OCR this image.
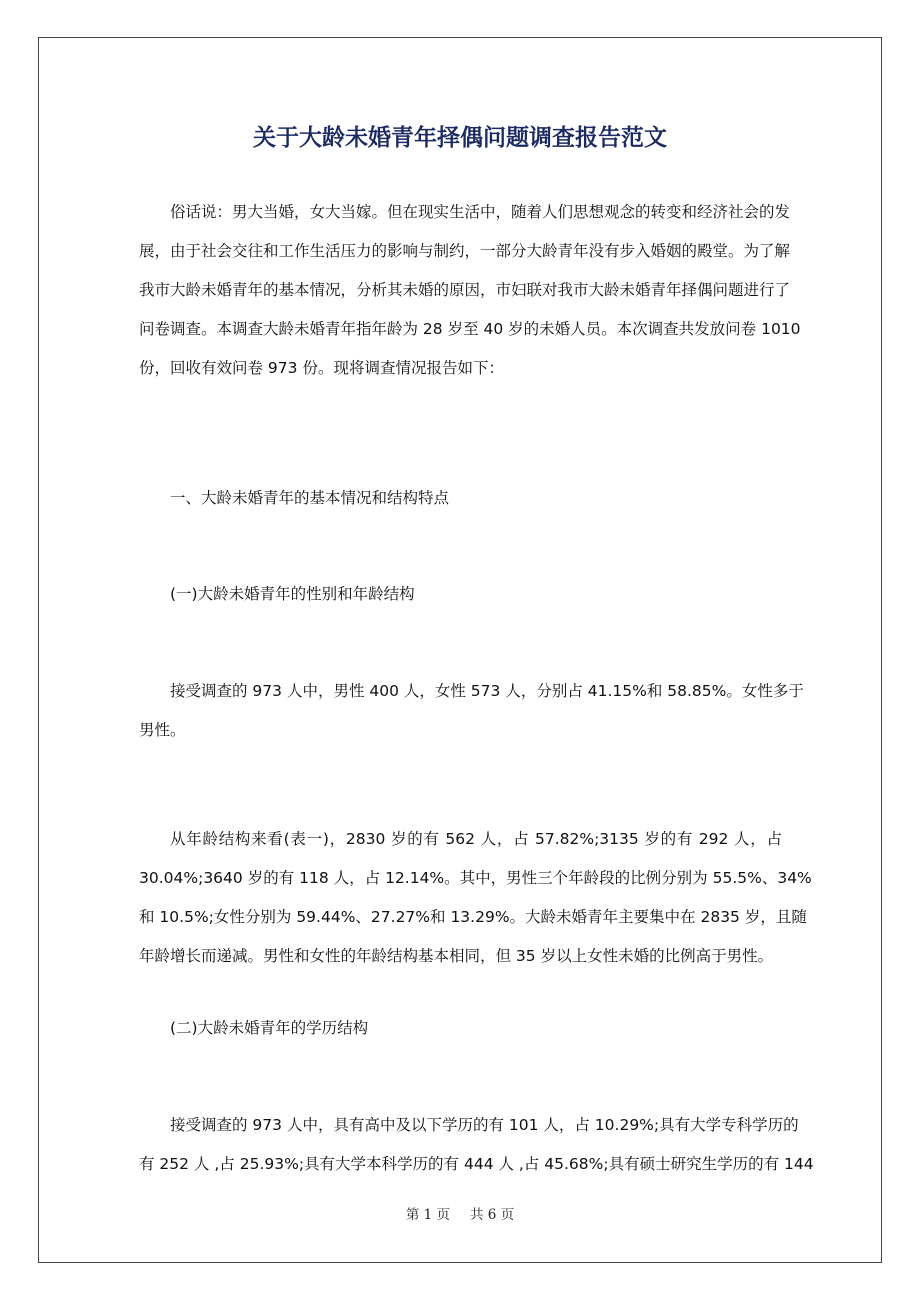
关于大龄未婚青年择偶问题调查报告范文
俗话说：男大当婚，女大当嫁。但在现实生活中，随着人们思想观念的转变和经济社会的发
展，由于社会交往和工作生活压力的影响与制约，一部分大龄青年没有步入婚姻的殿堂。为了解
我市大龄未婚青年的基本情况，分析其未婚的原因，市妇联对我市大龄未婚青年择偶问题进行了
问卷调查。本调查大龄未婚青年指年龄为 28 岁至 40 岁的未婚人员。本次调查共发放问卷 1010
份，回收有效问卷 973 份。现将调查情况报告如下：

一、大龄未婚青年的基本情况和结构特点

(一)大龄未婚青年的性别和年龄结构

接受调查的 973 人中，男性 400 人，女性 573 人，分别占 41.15%和 58.85%。女性多于
男性。
从年龄结构来看(表一)，2830 岁的有 562 人，占 57.82%;3135 岁的有 292 人，占
30.04%;3640 岁的有 118 人，占 12.14%。其中，男性三个年龄段的比例分别为 55.5%、34%
和 10.5%;女性分别为 59.44%、27.27%和 13.29%。大龄未婚青年主要集中在 2835 岁，且随
年龄增长而递减。男性和女性的年龄结构基本相同，但 35 岁以上女性未婚的比例高于男性。

(二)大龄未婚青年的学历结构

接受调查的 973 人中，具有高中及以下学历的有 101 人，占 10.29%;具有大学专科学历的
有 252 人 ,占 25.93%;具有大学本科学历的有 444 人 ,占 45.68%;具有硕士研究生学历的有 144

第 1 页 共 6 页
